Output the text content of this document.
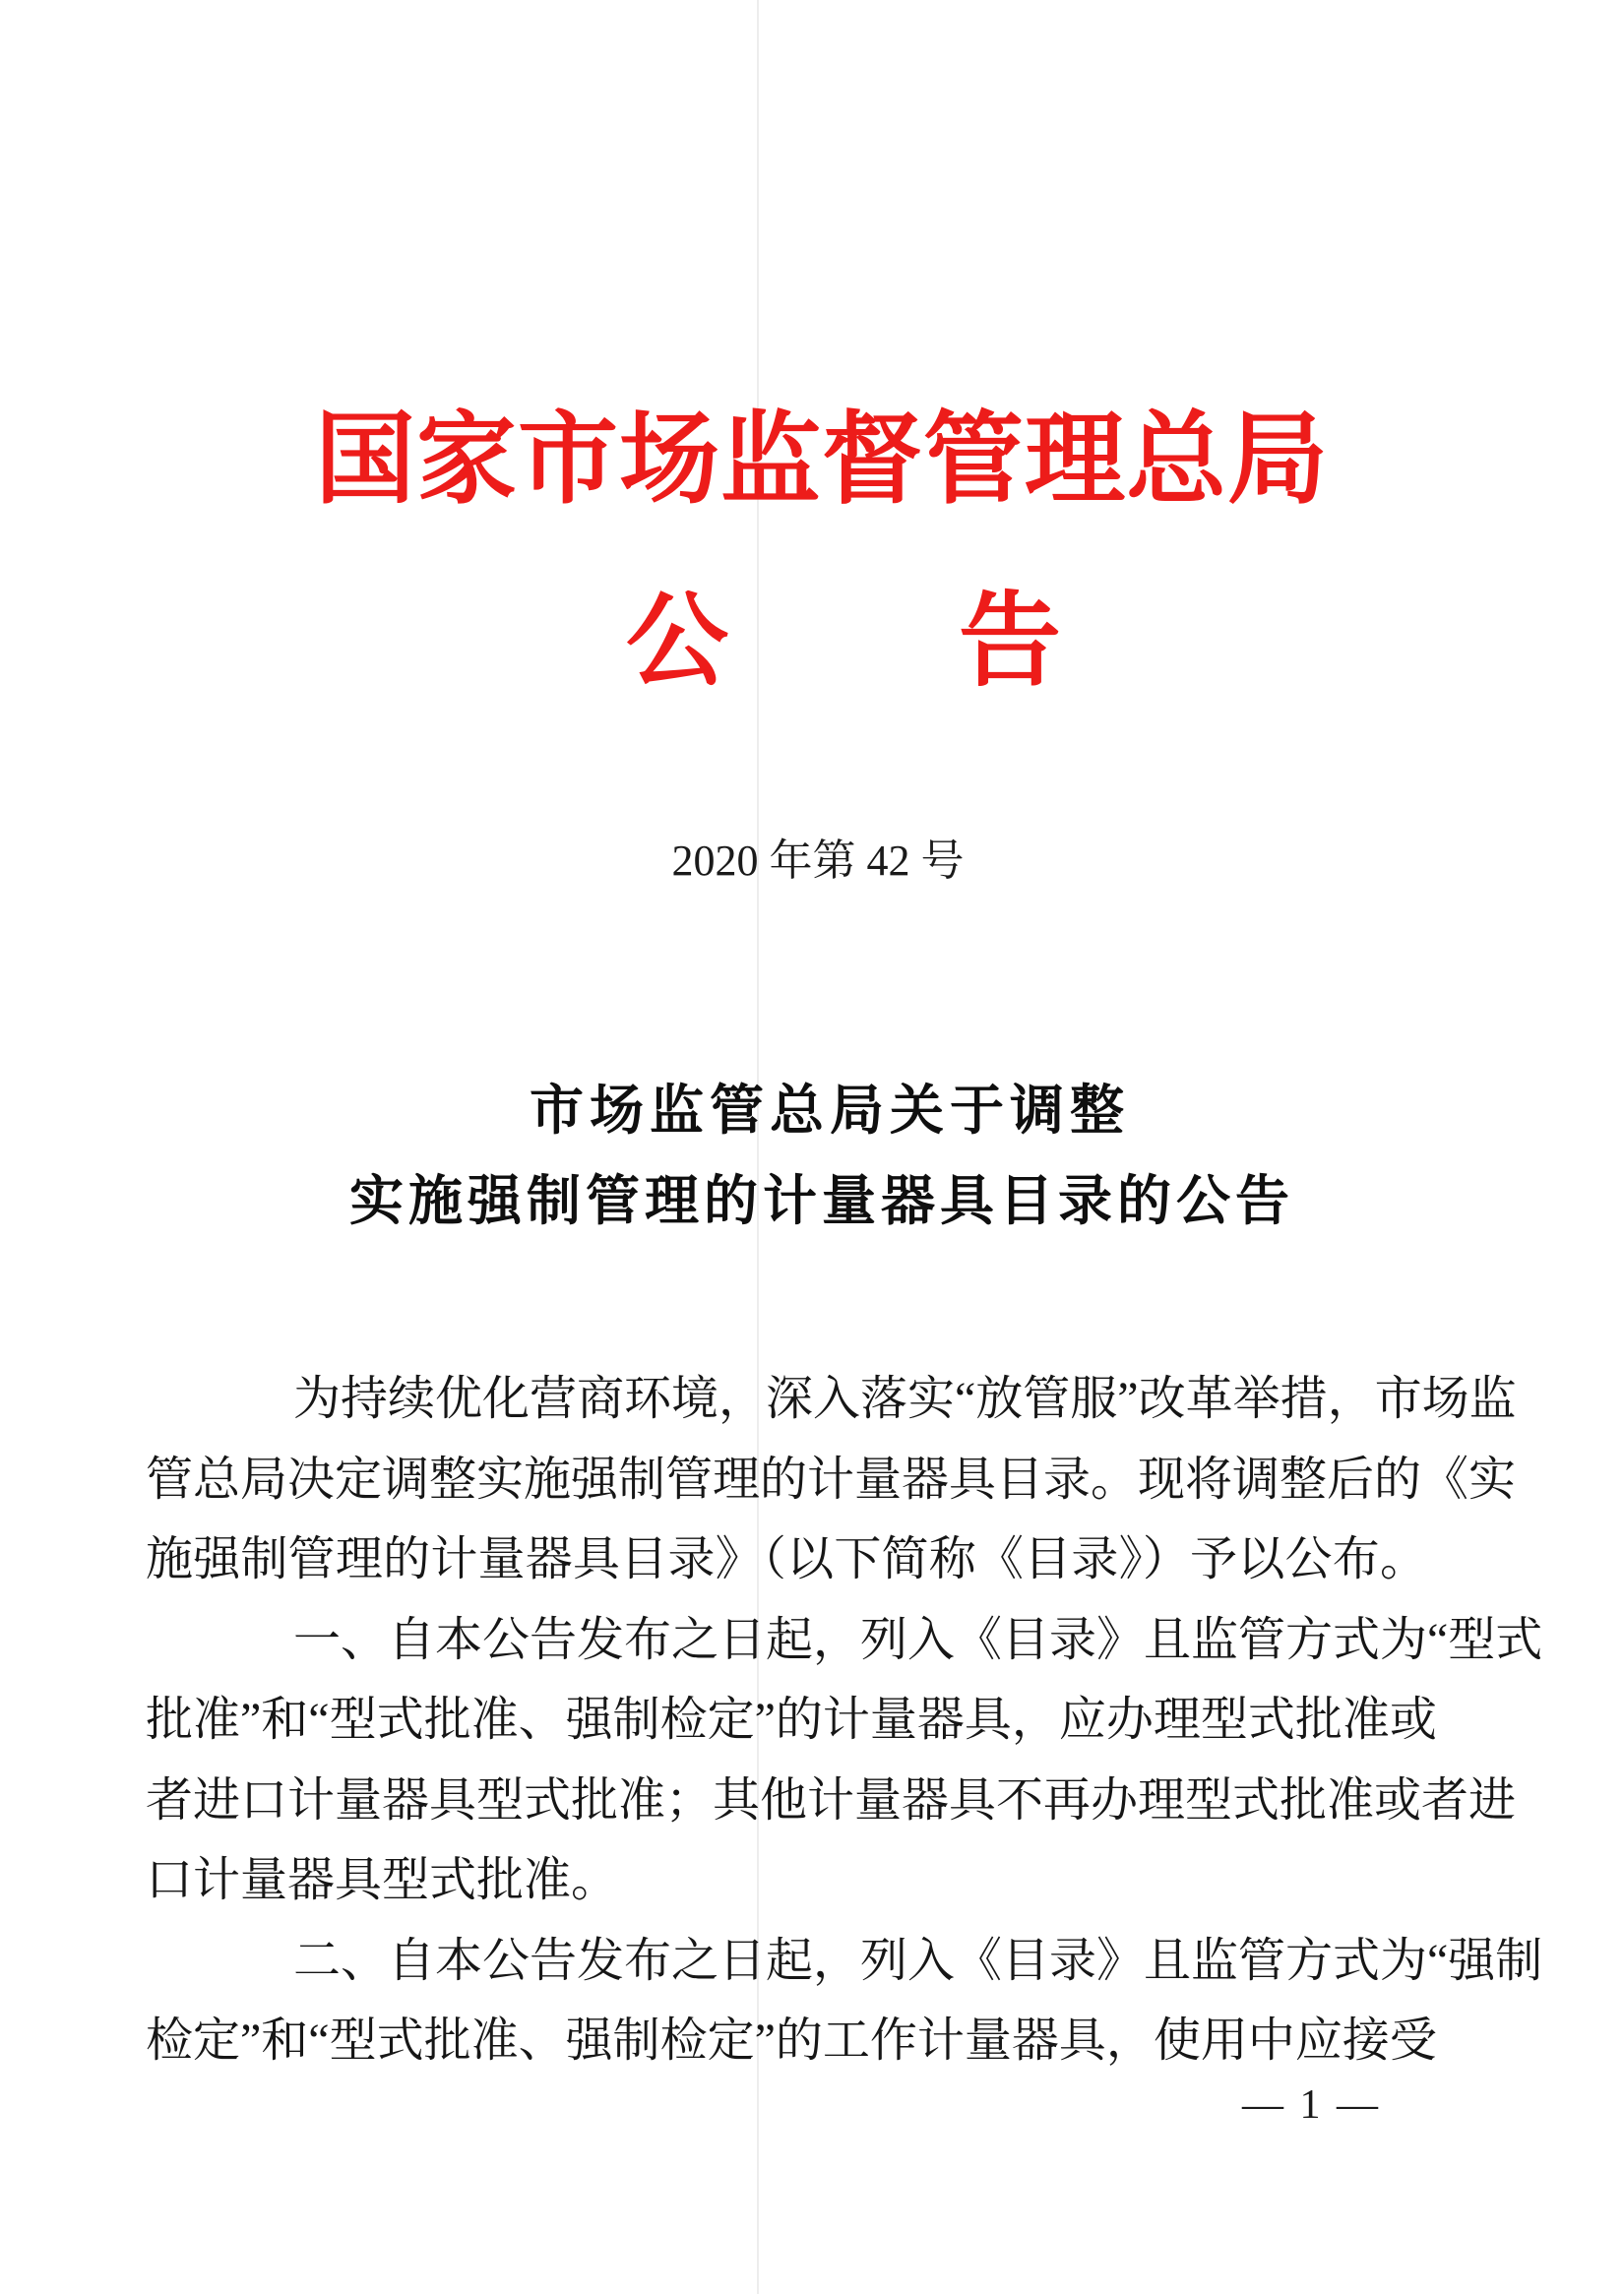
国家市场监督管理总局
公 告
2020 年第 42 号
市场监管总局关于调整
实施强制管理的计量器具目录的公告
为持续优化营商环境，深入落实“放管服”改革举措，市场监
管总局决定调整实施强制管理的计量器具目录。现将调整后的《实
施强制管理的计量器具目录》（以下简称《目录》）予以公布。
一、自本公告发布之日起，列入《目录》且监管方式为“型式
批准”和“型式批准、强制检定”的计量器具，应办理型式批准或
者进口计量器具型式批准；其他计量器具不再办理型式批准或者进
口计量器具型式批准。
二、自本公告发布之日起，列入《目录》且监管方式为“强制
检定”和“型式批准、强制检定”的工作计量器具，使用中应接受
— 1 —
